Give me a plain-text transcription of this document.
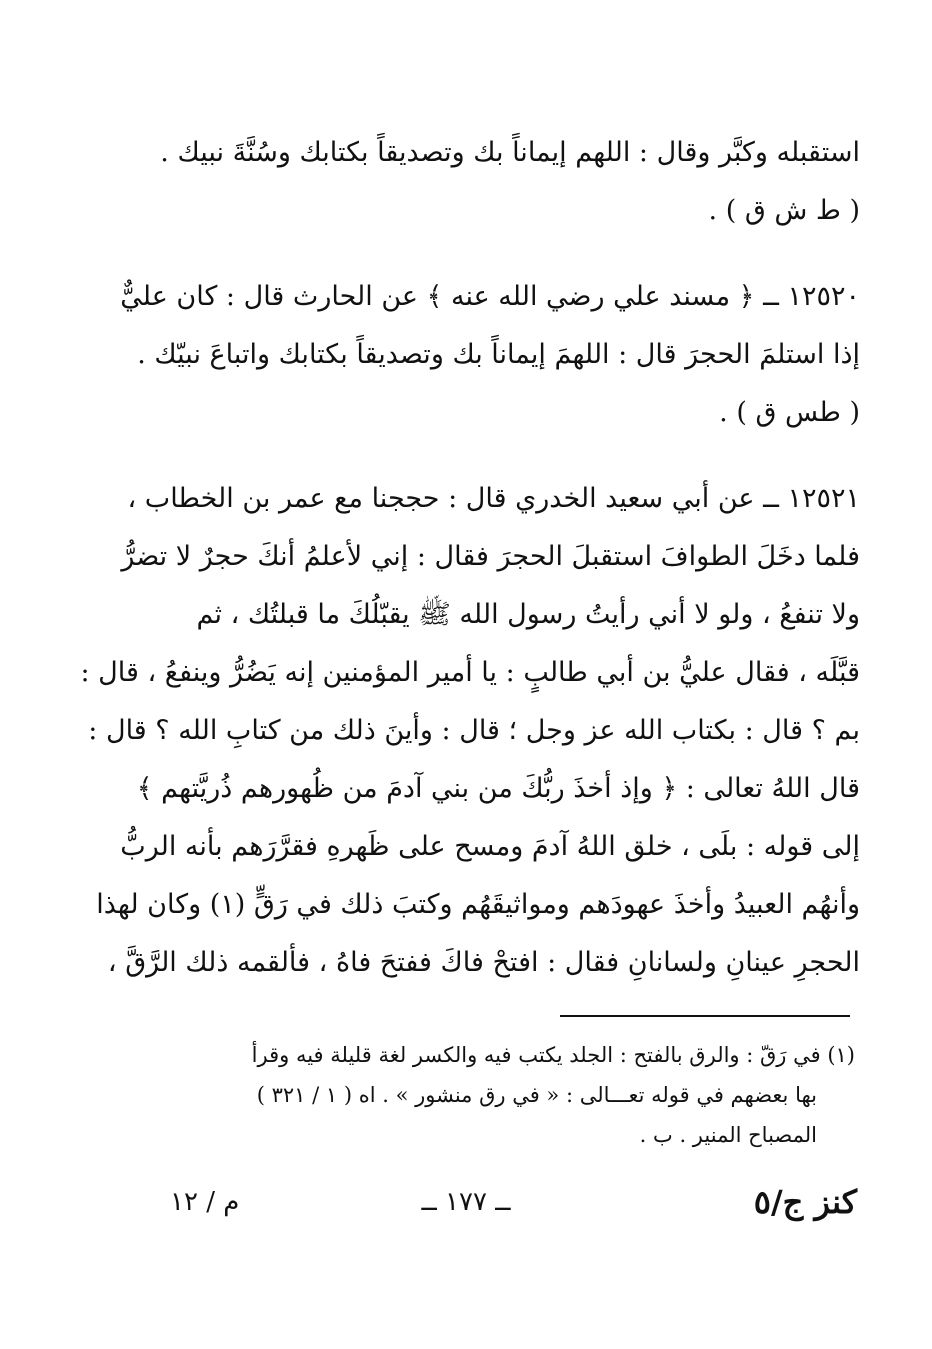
استقبله وكبَّر وقال : اللهم إيماناً بك وتصديقاً بكتابك وسُنَّةَ نبيك .
( ط ش ق ) .

١٢٥٢٠ ــ ﴿ مسند علي رضي الله عنه ﴾ عن الحارث قال : كان عليٌّ
إذا استلمَ الحجرَ قال : اللهمَ إيماناً بك وتصديقاً بكتابك واتباعَ نبيّك .
( طس ق ) .

١٢٥٢١ ــ عن أبي سعيد الخدري قال : حججنا مع عمر بن الخطاب ،
فلما دخَلَ الطوافَ استقبلَ الحجرَ فقال : إني لأعلمُ أنكَ حجرٌ لا تضرُّ
ولا تنفعُ ، ولو لا أني رأيتُ رسول الله ﷺ يقبّلُكَ ما قبلتُك ، ثم
قبَّلَه ، فقال عليُّ بن أبي طالبٍ : يا أمير المؤمنين إنه يَضُرُّ وينفعُ ، قال :
بم ؟ قال : بكتاب الله عز وجل ؛ قال : وأينَ ذلك من كتابِ الله ؟ قال :
قال اللهُ تعالى : ﴿ وإذ أخذَ ربُّكَ من بني آدمَ من ظُهورهم ذُريَّتهم ﴾
إلى قوله : بلَى ، خلق اللهُ آدمَ ومسح على ظَهرهِ فقرَّرَهم بأنه الربُّ
وأنهُم العبيدُ وأخذَ عهودَهم ومواثيقَهُم وكتبَ ذلك في رَقٍّ (١) وكان لهذا
الحجرِ عينانِ ولسانانِ فقال : افتحْ فاكَ ففتحَ فاهُ ، فألقمه ذلك الرَّقَّ ،

(١) في رَقّ : والرق بالفتح : الجلد يكتب فيه والكسر لغة قليلة فيه وقرأ
بها بعضهم في قوله تعـــالى : « في رق منشور » . اه ( ١ / ٣٢١ )
المصباح المنير . ب .

كنز ج/٥
ــ ١٧٧ ــ
م / ١٢
